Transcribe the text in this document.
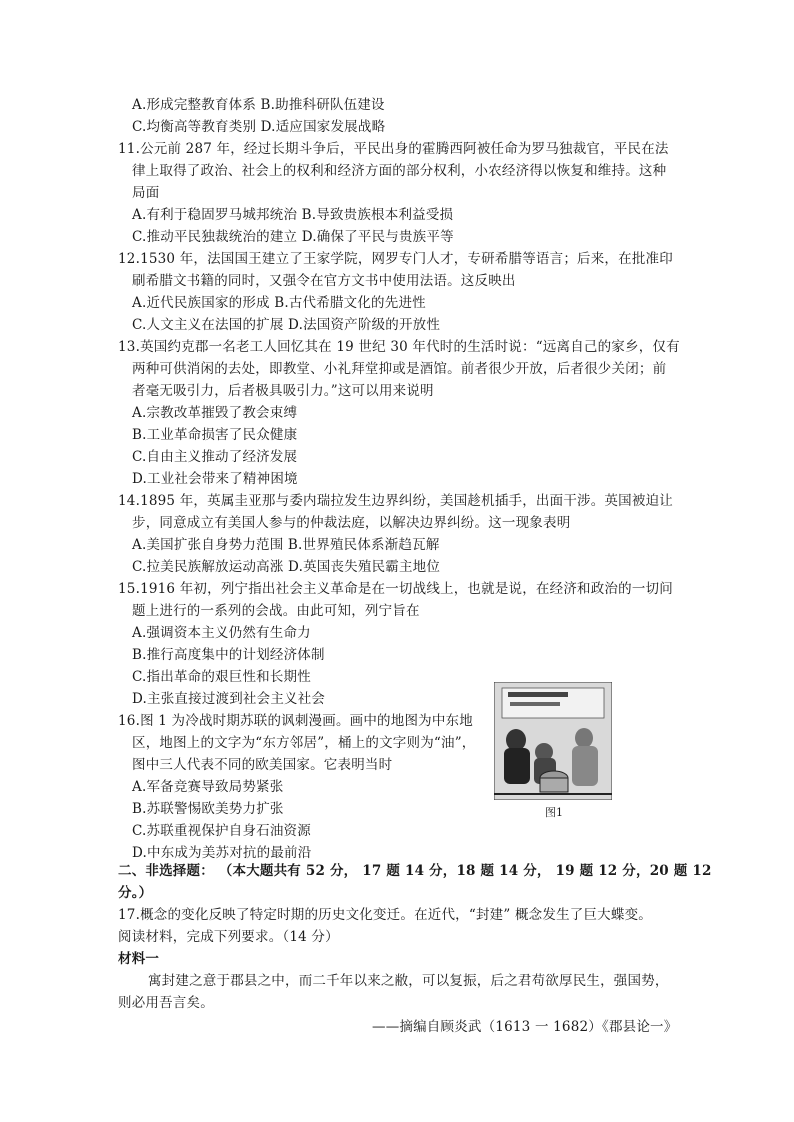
A.形成完整教育体系 B.助推科研队伍建设
C.均衡高等教育类别 D.适应国家发展战略
11.公元前 287 年，经过长期斗争后，平民出身的霍腾西阿被任命为罗马独裁官，平民在法
律上取得了政治、社会上的权利和经济方面的部分权利，小农经济得以恢复和维持。这种
局面
A.有利于稳固罗马城邦统治 B.导致贵族根本利益受损
C.推动平民独裁统治的建立 D.确保了平民与贵族平等
12.1530 年，法国国王建立了王家学院，网罗专门人才，专研希腊等语言；后来，在批准印
刷希腊文书籍的同时，又强令在官方文书中使用法语。这反映出
A.近代民族国家的形成 B.古代希腊文化的先进性
C.人文主义在法国的扩展 D.法国资产阶级的开放性
13.英国约克郡一名老工人回忆其在 19 世纪 30 年代时的生活时说：“远离自己的家乡，仅有
两种可供消闲的去处，即教堂、小礼拜堂抑或是酒馆。前者很少开放，后者很少关闭；前
者毫无吸引力，后者极具吸引力。”这可以用来说明
A.宗教改革摧毁了教会束缚
B.工业革命损害了民众健康
C.自由主义推动了经济发展
D.工业社会带来了精神困境
14.1895 年，英属圭亚那与委内瑞拉发生边界纠纷，美国趁机插手，出面干涉。英国被迫让
步，同意成立有美国人参与的仲裁法庭，以解决边界纠纷。这一现象表明
A.美国扩张自身势力范围 B.世界殖民体系渐趋瓦解
C.拉美民族解放运动高涨 D.英国丧失殖民霸主地位
15.1916 年初，列宁指出社会主义革命是在一切战线上，也就是说，在经济和政治的一切问
题上进行的一系列的会战。由此可知，列宁旨在
A.强调资本主义仍然有生命力
B.推行高度集中的计划经济体制
C.指出革命的艰巨性和长期性
D.主张直接过渡到社会主义社会
16.图 1 为冷战时期苏联的讽刺漫画。画中的地图为中东地
区，地图上的文字为“东方邻居”，桶上的文字则为“油”，
图中三人代表不同的欧美国家。它表明当时
A.军备竞赛导致局势紧张
B.苏联警惕欧美势力扩张
C.苏联重视保护自身石油资源
D.中东成为美苏对抗的最前沿
图1
二、非选择题： （本大题共有 52 分， 17 题 14 分，18 题 14 分， 19 题 12 分，20 题 12
分。）
17.概念的变化反映了特定时期的历史文化变迁。在近代，“封建” 概念发生了巨大蝶变。
阅读材料，完成下列要求。（14 分）
材料一
寓封建之意于郡县之中，而二千年以来之敝，可以复振，后之君苟欲厚民生，强国势，
则必用吾言矣。
——摘编自顾炎武（1613 一 1682）《郡县论一》
